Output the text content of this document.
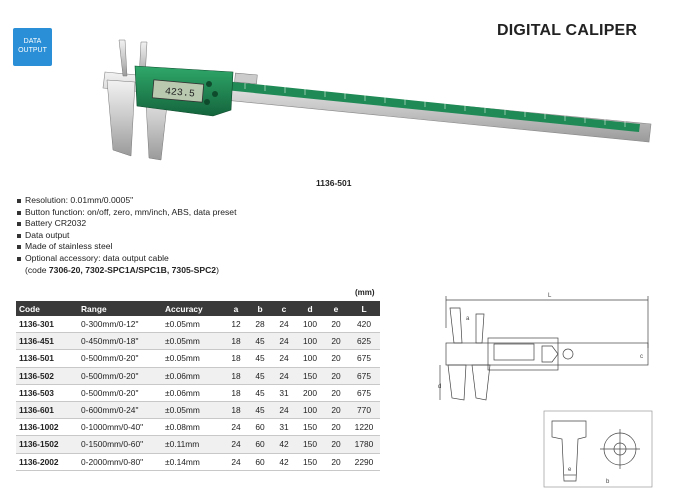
DATA
OUTPUT
DIGITAL CALIPER
423.5
1136-501
Resolution: 0.01mm/0.0005"
Button function: on/off, zero, mm/inch, ABS, data preset
Battery CR2032
Data output
Made of stainless steel
Optional accessory: data output cable
(code 7306-20, 7302-SPC1A/SPC1B, 7305-SPC2)
(mm)
Code	Range	Accuracy	a	b	c	d	e	L
1136-301	0-300mm/0-12"	±0.05mm	12	28	24	100	20	420
1136-451	0-450mm/0-18"	±0.05mm	18	45	24	100	20	625
1136-501	0-500mm/0-20"	±0.05mm	18	45	24	100	20	675
1136-502	0-500mm/0-20"	±0.06mm	18	45	24	150	20	675
1136-503	0-500mm/0-20"	±0.06mm	18	45	31	200	20	675
1136-601	0-600mm/0-24"	±0.05mm	18	45	24	100	20	770
1136-1002	0-1000mm/0-40"	±0.08mm	24	60	31	150	20	1220
1136-1502	0-1500mm/0-60"	±0.11mm	24	60	42	150	20	1780
1136-2002	0-2000mm/0-80"	±0.14mm	24	60	42	150	20	2290
L
d
c
a
e
b
